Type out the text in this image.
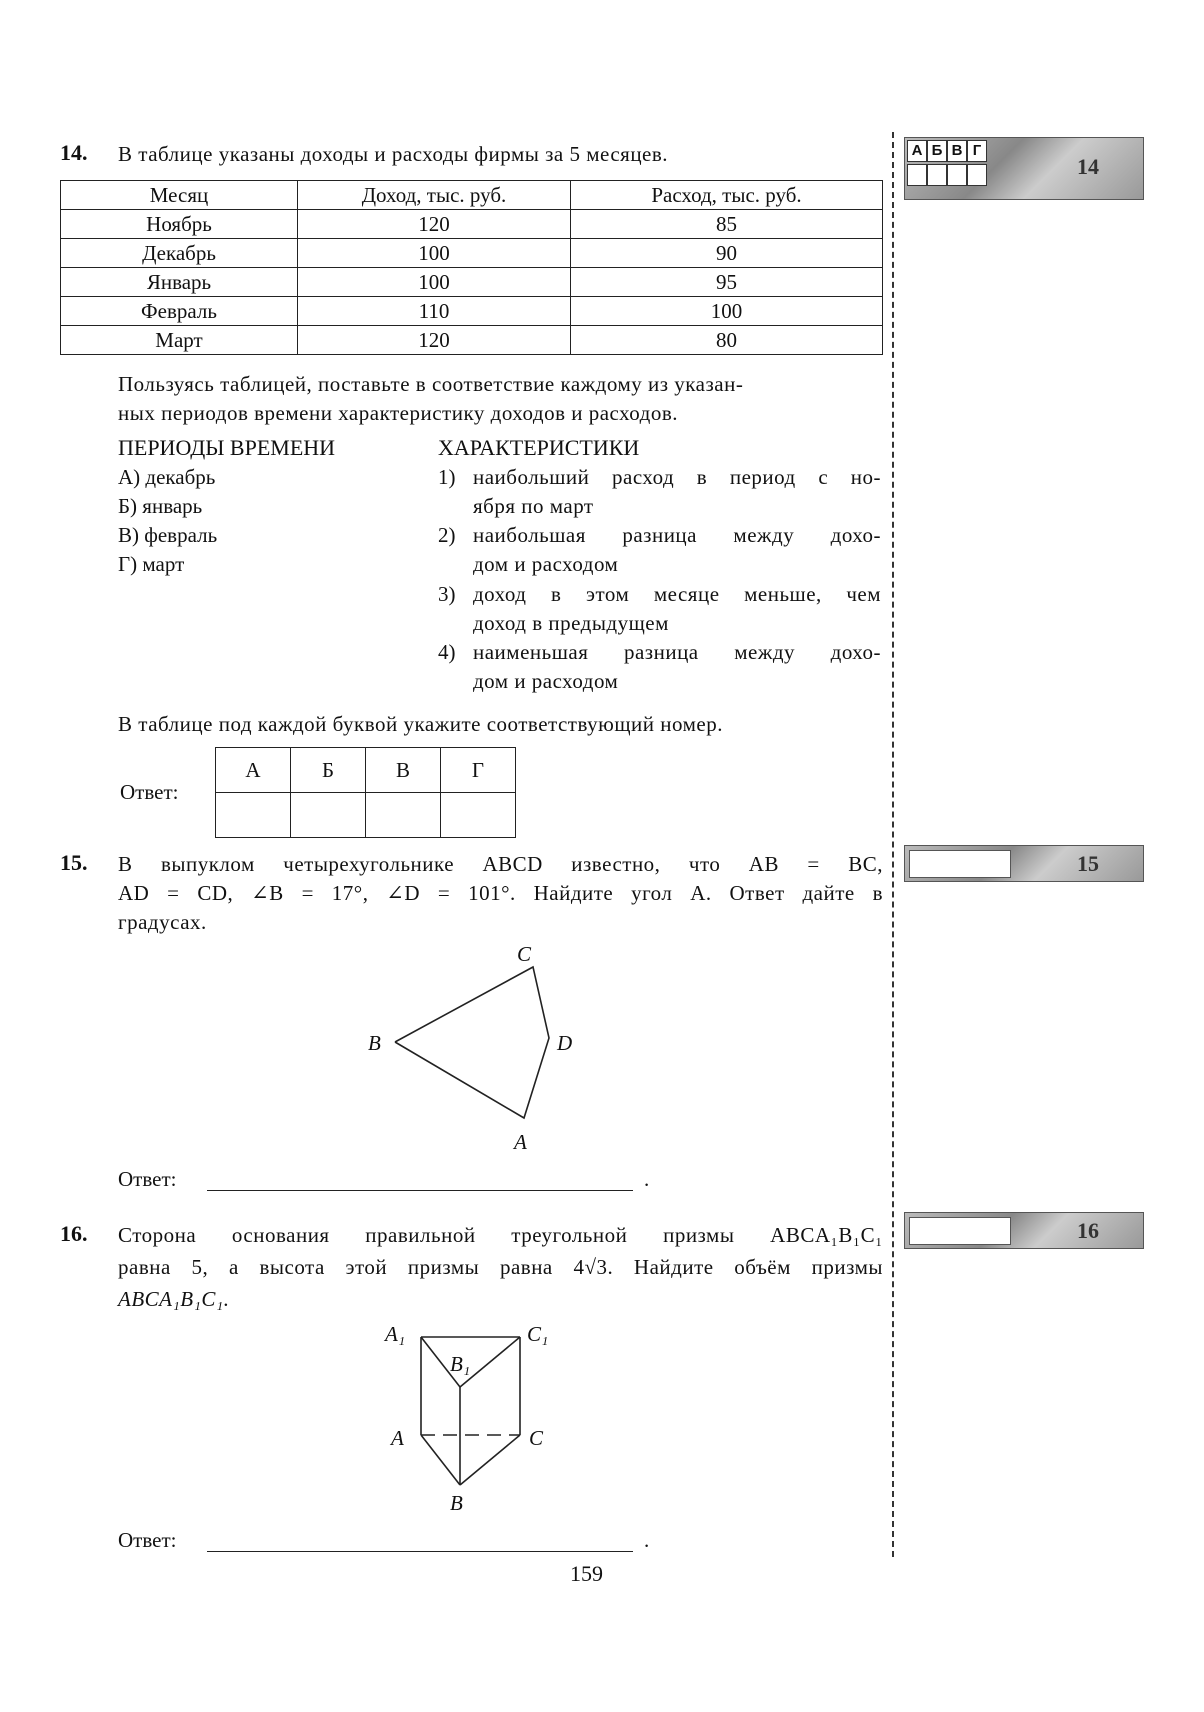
А Б В Г
14
15
16
14. В таблице указаны доходы и расходы фирмы за 5 месяцев.
Месяц	Доход, тыс. руб.	Расход, тыс. руб.
Ноябрь	120	85
Декабрь	100	90
Январь	100	95
Февраль	110	100
Март	120	80
Пользуясь таблицей, поставьте в соответствие каждому из указан-
ных периодов времени характеристику доходов и расходов.
ПЕРИОДЫ ВРЕМЕНИ	ХАРАКТЕРИСТИКИ
А) декабрь
Б) январь
В) февраль
Г) март
1) наибольший расход в период с но-
ября по март
2) наибольшая разница между дохо-
дом и расходом
3) доход в этом месяце меньше, чем
доход в предыдущем
4) наименьшая разница между дохо-
дом и расходом
В таблице под каждой буквой укажите соответствующий номер.
Ответ:
А	Б	В	Г

15. В выпуклом четырехугольнике ABCD известно, что AB = BC,
AD = CD, ∠B = 17°, ∠D = 101°. Найдите угол A. Ответ дайте в
градусах.
C
B	D
A
Ответ:	.
16. Сторона основания правильной треугольной призмы ABCA₁B₁C₁
равна 5, а высота этой призмы равна 4√3. Найдите объём призмы
ABCA₁B₁C₁.
A₁	C₁
B₁
A	C
B
Ответ:	.
159
